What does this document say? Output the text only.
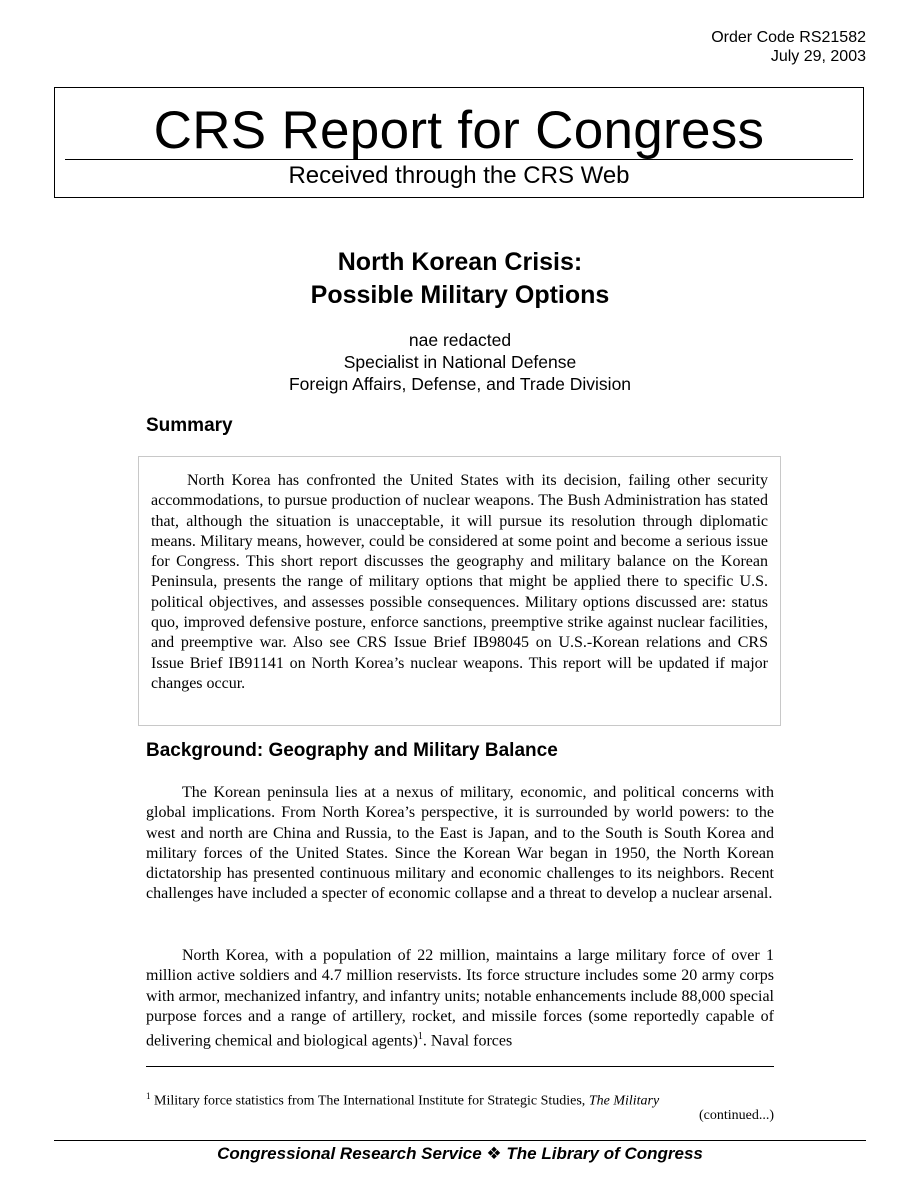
Order Code RS21582
July 29, 2003
CRS Report for Congress
Received through the CRS Web
North Korean Crisis:
Possible Military Options
nae redacted
Specialist in National Defense
Foreign Affairs, Defense, and Trade Division
Summary

North Korea has confronted the United States with its decision, failing other security accommodations, to pursue production of nuclear weapons. The Bush Administration has stated that, although the situation is unacceptable, it will pursue its resolution through diplomatic means. Military means, however, could be considered at some point and become a serious issue for Congress. This short report discusses the geography and military balance on the Korean Peninsula, presents the range of military options that might be applied there to specific U.S. political objectives, and assesses possible consequences. Military options discussed are: status quo, improved defensive posture, enforce sanctions, preemptive strike against nuclear facilities, and preemptive war. Also see CRS Issue Brief IB98045 on U.S.-Korean relations and CRS Issue Brief IB91141 on North Korea’s nuclear weapons. This report will be updated if major changes occur.

Background: Geography and Military Balance

The Korean peninsula lies at a nexus of military, economic, and political concerns with global implications. From North Korea’s perspective, it is surrounded by world powers: to the west and north are China and Russia, to the East is Japan, and to the South is South Korea and military forces of the United States. Since the Korean War began in 1950, the North Korean dictatorship has presented continuous military and economic challenges to its neighbors. Recent challenges have included a specter of economic collapse and a threat to develop a nuclear arsenal.

North Korea, with a population of 22 million, maintains a large military force of over 1 million active soldiers and 4.7 million reservists. Its force structure includes some 20 army corps with armor, mechanized infantry, and infantry units; notable enhancements include 88,000 special purpose forces and a range of artillery, rocket, and missile forces (some reportedly capable of delivering chemical and biological agents)$^1$. Naval forces

$^1$ Military force statistics from The International Institute for Strategic Studies, The Military

(continued...)
Congressional Research Service ❖ The Library of Congress
